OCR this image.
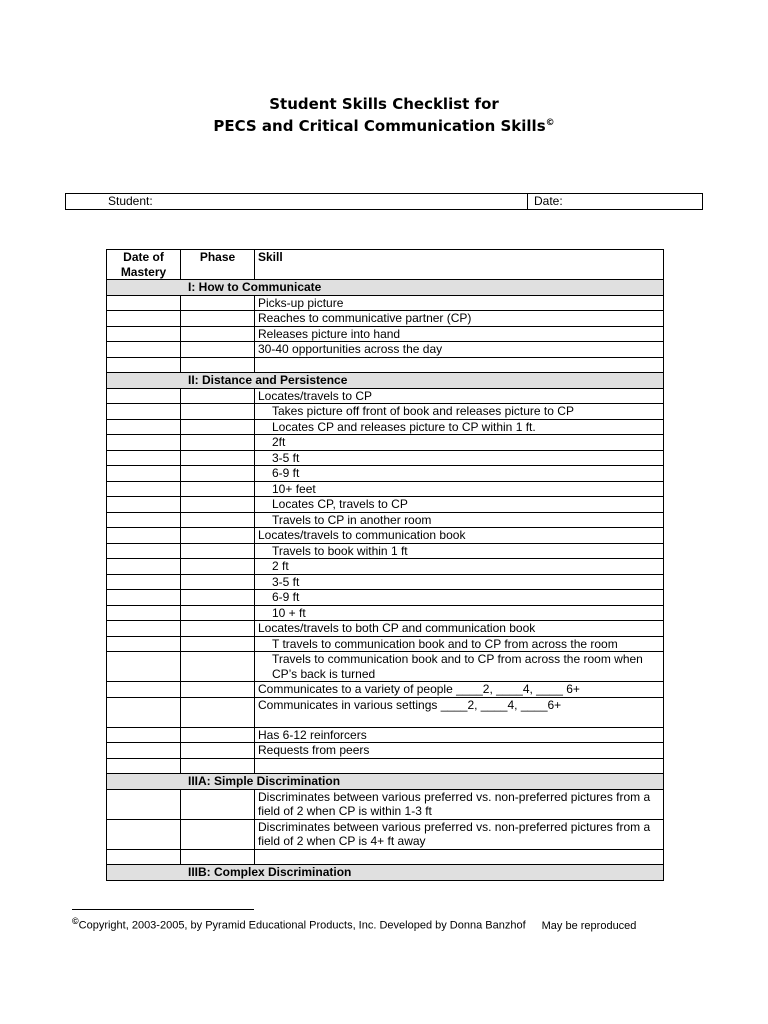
Student Skills Checklist for
PECS and Critical Communication Skills©
Student:	Date:
Date of Mastery	Phase	Skill
I: How to Communicate		
		Picks-up picture
		Reaches to communicative partner (CP)
		Releases picture into hand
		30-40 opportunities across the day

II: Distance and Persistence		
		Locates/travels to CP
		Takes picture off front of book and releases picture to CP
		Locates CP and releases picture to CP within 1 ft.
		2ft
		3-5 ft
		6-9 ft
		10+ feet
		Locates CP, travels to CP
		Travels to CP in another room
		Locates/travels to communication book
		Travels to book within 1 ft
		2 ft
		3-5 ft
		6-9 ft
		10 + ft
		Locates/travels to both CP and communication book
		T travels to communication book and to CP from across the room
		Travels to communication book and to CP from across the room when CP’s back is turned
		Communicates to a variety of people ____2, ____4, ____ 6+
		Communicates in various settings ____2, ____4, ____6+
		Has 6-12 reinforcers
		Requests from peers

IIIA: Simple Discrimination		
		Discriminates between various preferred vs. non-preferred pictures from a field of 2 when CP is within 1-3 ft
		Discriminates between various preferred vs. non-preferred pictures from a field of 2 when CP is 4+ ft away

IIIB: Complex Discrimination		
©Copyright, 2003-2005, by Pyramid Educational Products, Inc. Developed by Donna Banzhof May be reproduced
